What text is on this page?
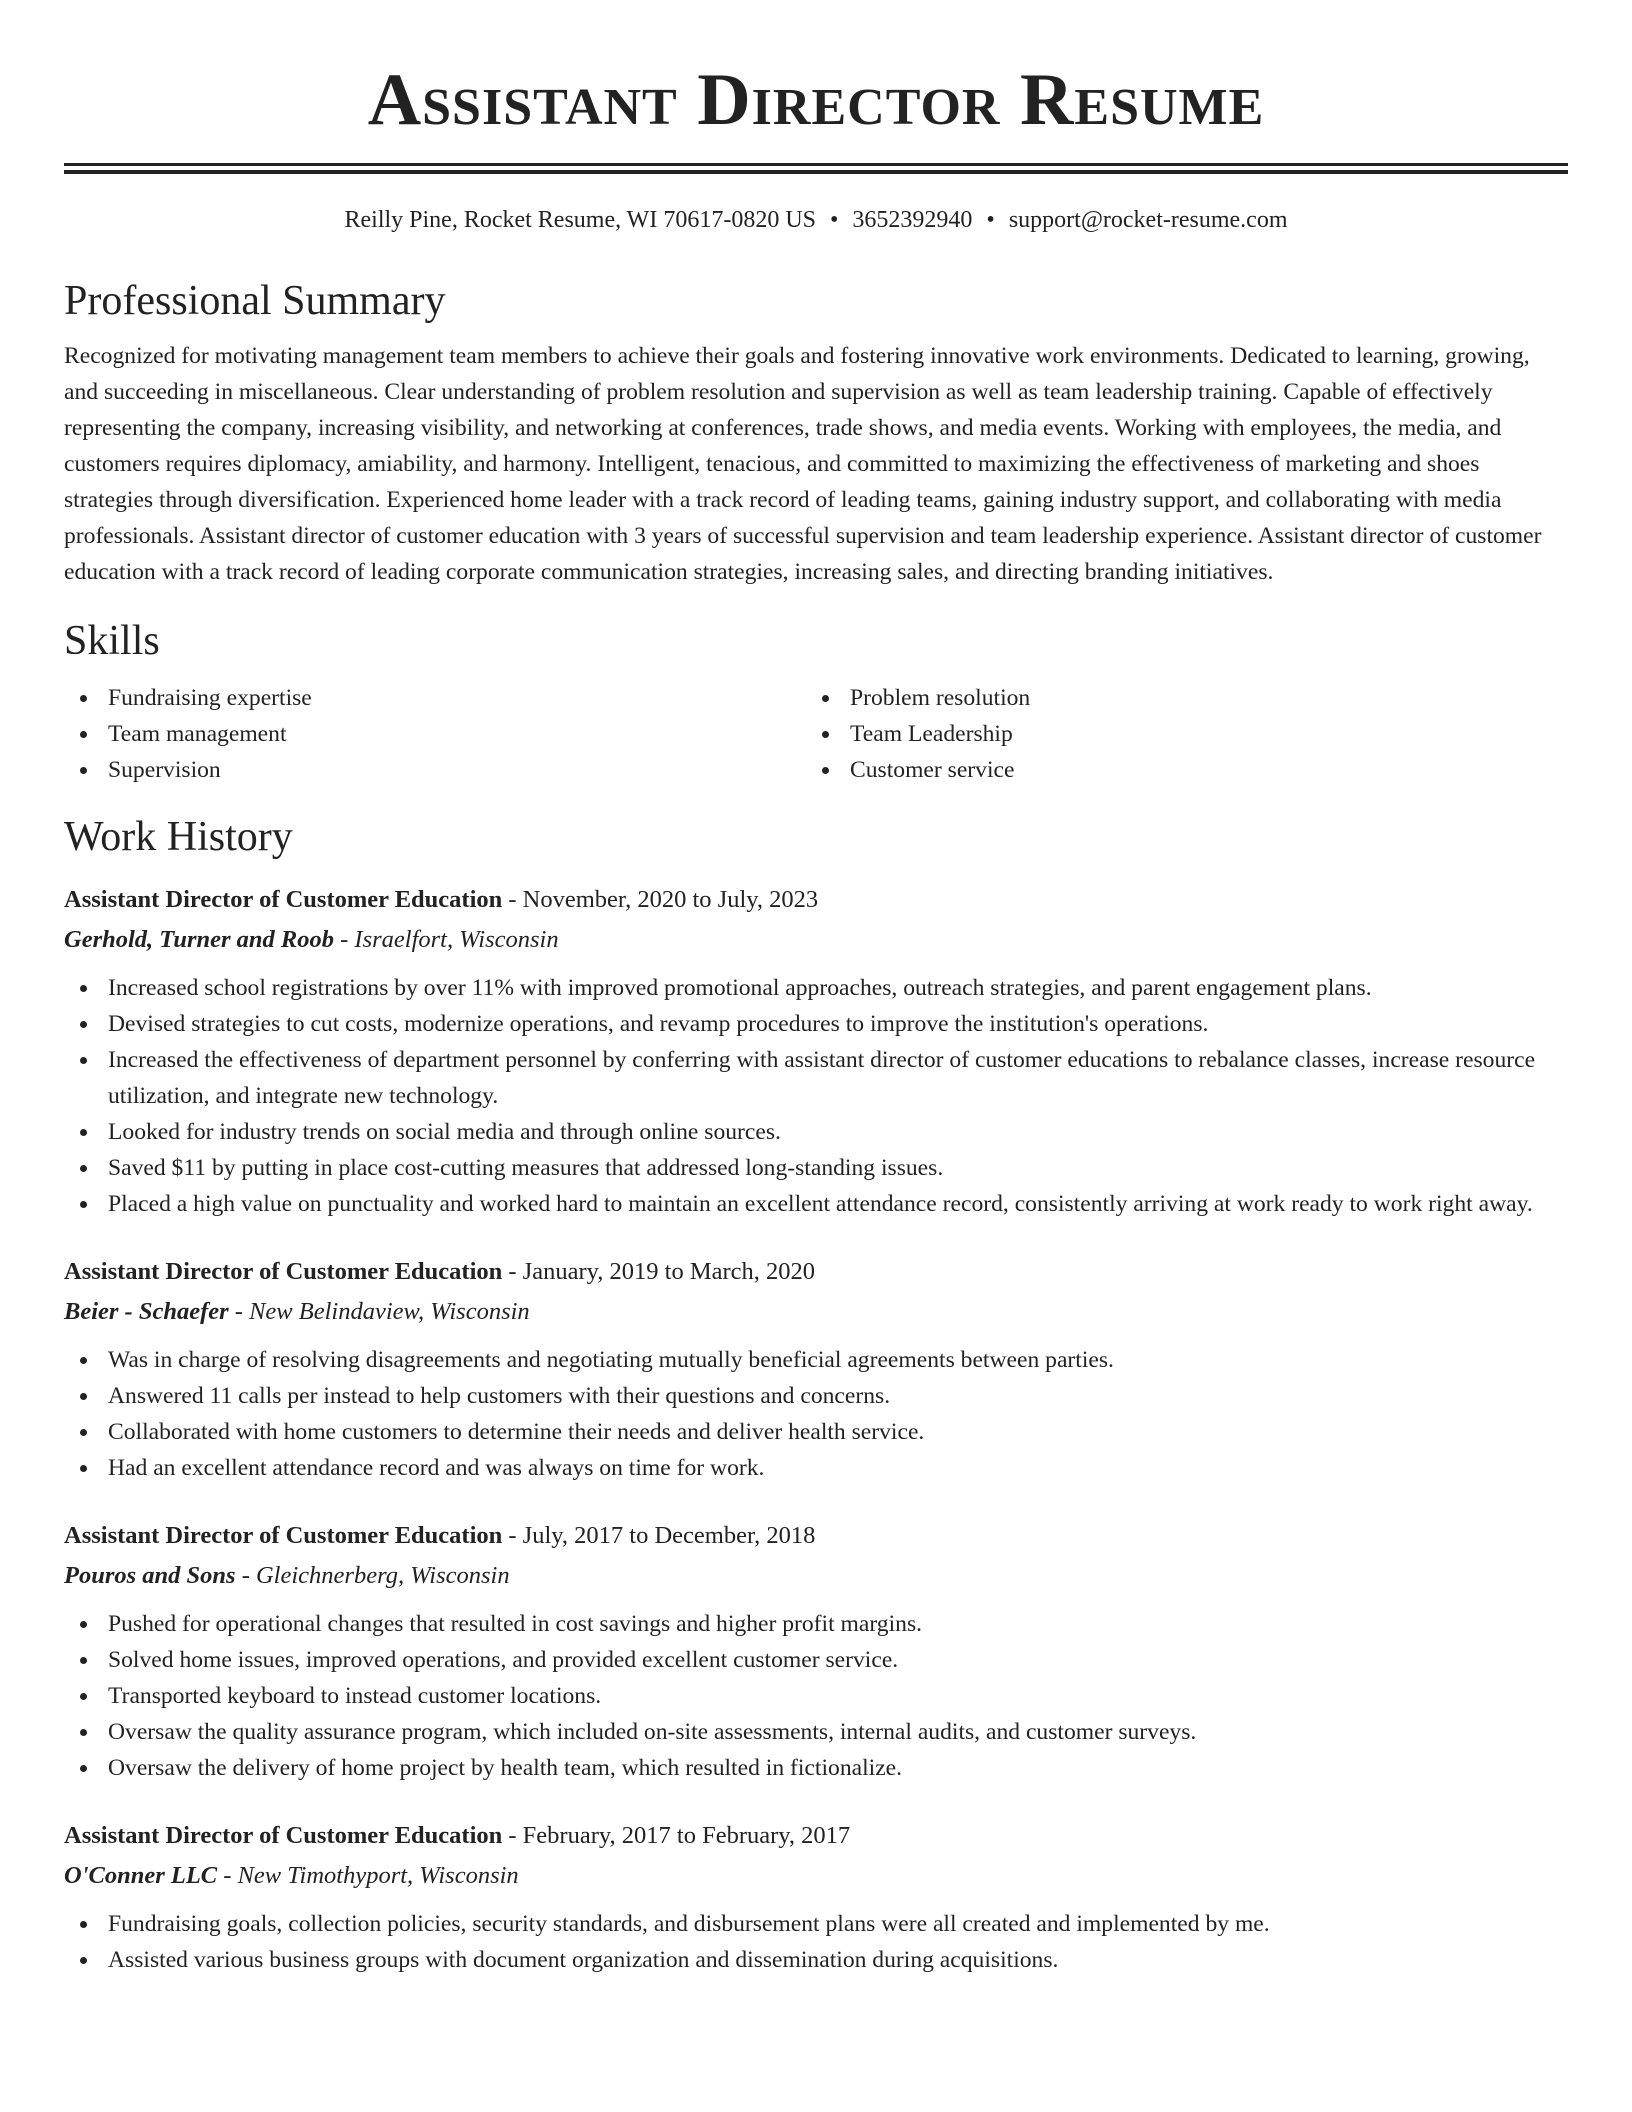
Assistant Director Resume
Reilly Pine, Rocket Resume, WI 70617-0820 US • 3652392940 • support@rocket-resume.com
Professional Summary

Recognized for motivating management team members to achieve their goals and fostering innovative work environments. Dedicated to learning, growing, and succeeding in miscellaneous. Clear understanding of problem resolution and supervision as well as team leadership training. Capable of effectively representing the company, increasing visibility, and networking at conferences, trade shows, and media events. Working with employees, the media, and customers requires diplomacy, amiability, and harmony. Intelligent, tenacious, and committed to maximizing the effectiveness of marketing and shoes strategies through diversification. Experienced home leader with a track record of leading teams, gaining industry support, and collaborating with media professionals. Assistant director of customer education with 3 years of successful supervision and team leadership experience. Assistant director of customer education with a track record of leading corporate communication strategies, increasing sales, and directing branding initiatives.

Skills
Fundraising expertise
Team management
Supervision
Problem resolution
Team Leadership
Customer service
Work History
Assistant Director of Customer Education - November, 2020 to July, 2023
Gerhold, Turner and Roob - Israelfort, Wisconsin
Increased school registrations by over 11% with improved promotional approaches, outreach strategies, and parent engagement plans.
Devised strategies to cut costs, modernize operations, and revamp procedures to improve the institution's operations.
Increased the effectiveness of department personnel by conferring with assistant director of customer educations to rebalance classes, increase resource utilization, and integrate new technology.
Looked for industry trends on social media and through online sources.
Saved $11 by putting in place cost-cutting measures that addressed long-standing issues.
Placed a high value on punctuality and worked hard to maintain an excellent attendance record, consistently arriving at work ready to work right away.
Assistant Director of Customer Education - January, 2019 to March, 2020
Beier - Schaefer - New Belindaview, Wisconsin
Was in charge of resolving disagreements and negotiating mutually beneficial agreements between parties.
Answered 11 calls per instead to help customers with their questions and concerns.
Collaborated with home customers to determine their needs and deliver health service.
Had an excellent attendance record and was always on time for work.
Assistant Director of Customer Education - July, 2017 to December, 2018
Pouros and Sons - Gleichnerberg, Wisconsin
Pushed for operational changes that resulted in cost savings and higher profit margins.
Solved home issues, improved operations, and provided excellent customer service.
Transported keyboard to instead customer locations.
Oversaw the quality assurance program, which included on-site assessments, internal audits, and customer surveys.
Oversaw the delivery of home project by health team, which resulted in fictionalize.
Assistant Director of Customer Education - February, 2017 to February, 2017
O'Conner LLC - New Timothyport, Wisconsin
Fundraising goals, collection policies, security standards, and disbursement plans were all created and implemented by me.
Assisted various business groups with document organization and dissemination during acquisitions.
